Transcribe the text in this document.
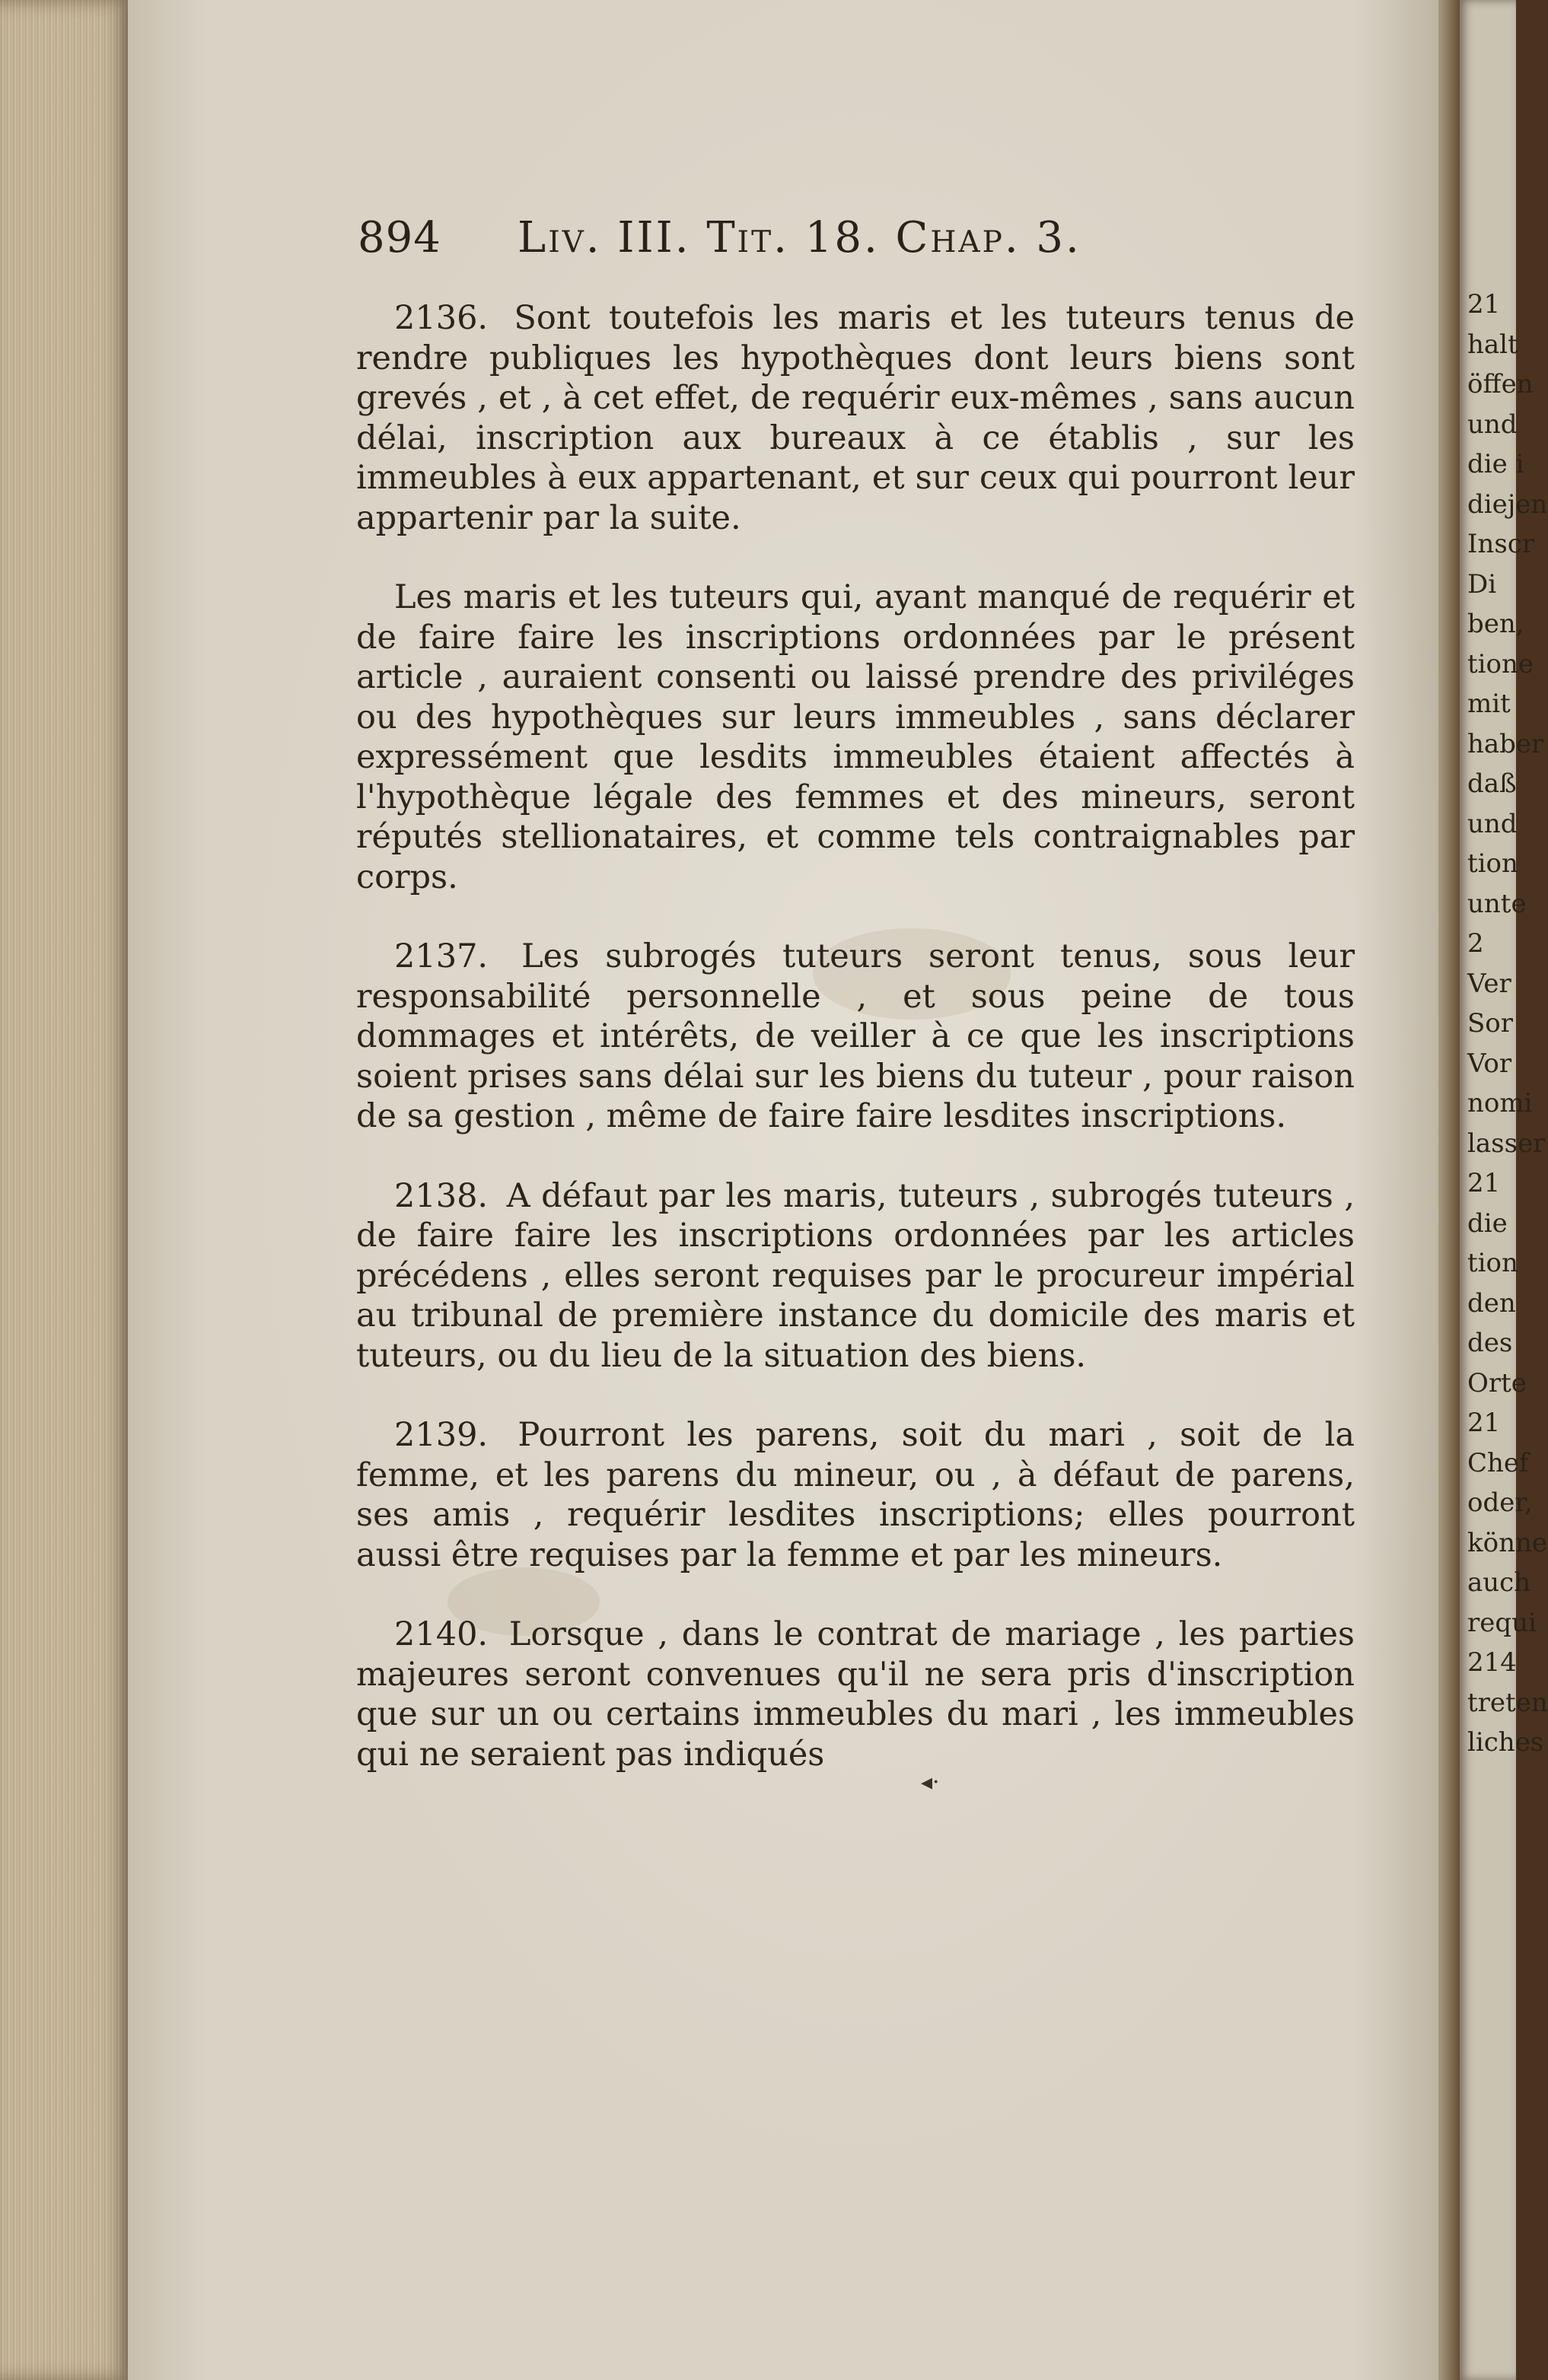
21
halt
öffen
und
die i
diejen
Inscr
Di
ben,
tione
mit
haber
daß
und
tion
unte
2
Ver
Sor
Vor
nomi
lasser
21
die
tion
den
des
Orte
21
Chef
oder,
könne
auch
requi
214
treten
liches
894 Liv. III. Tit. 18. Chap. 3.

2136. Sont toutefois les maris et les tuteurs tenus de rendre publiques les hypothèques dont leurs biens sont grevés , et , à cet effet, de requérir eux-mêmes , sans aucun délai, inscription aux bureaux à ce établis , sur les immeubles à eux appartenant, et sur ceux qui pourront leur appartenir par la suite.

Les maris et les tuteurs qui, ayant manqué de requérir et de faire faire les inscriptions ordonnées par le présent article , auraient consenti ou laissé prendre des priviléges ou des hypothèques sur leurs immeubles , sans déclarer expressément que lesdits immeubles étaient affectés à l'hypothèque légale des femmes et des mineurs, seront réputés stellionataires, et comme tels contraignables par corps.

2137. Les subrogés tuteurs seront tenus, sous leur responsabilité personnelle , et sous peine de tous dommages et intérêts, de veiller à ce que les inscriptions soient prises sans délai sur les biens du tuteur , pour raison de sa gestion , même de faire faire lesdites inscriptions.

2138. A défaut par les maris, tuteurs , subrogés tuteurs , de faire faire les inscriptions ordonnées par les articles précédens , elles seront requises par le procureur impérial au tribunal de première instance du domicile des maris et tuteurs, ou du lieu de la situation des biens.

2139. Pourront les parens, soit du mari , soit de la femme, et les parens du mineur, ou , à défaut de parens, ses amis , requérir lesdites inscriptions; elles pourront aussi être requises par la femme et par les mineurs.

2140. Lorsque , dans le contrat de mariage , les parties majeures seront convenues qu'il ne sera pris d'inscription que sur un ou certains immeubles du mari , les immeubles qui ne seraient pas indiqués

◂·
